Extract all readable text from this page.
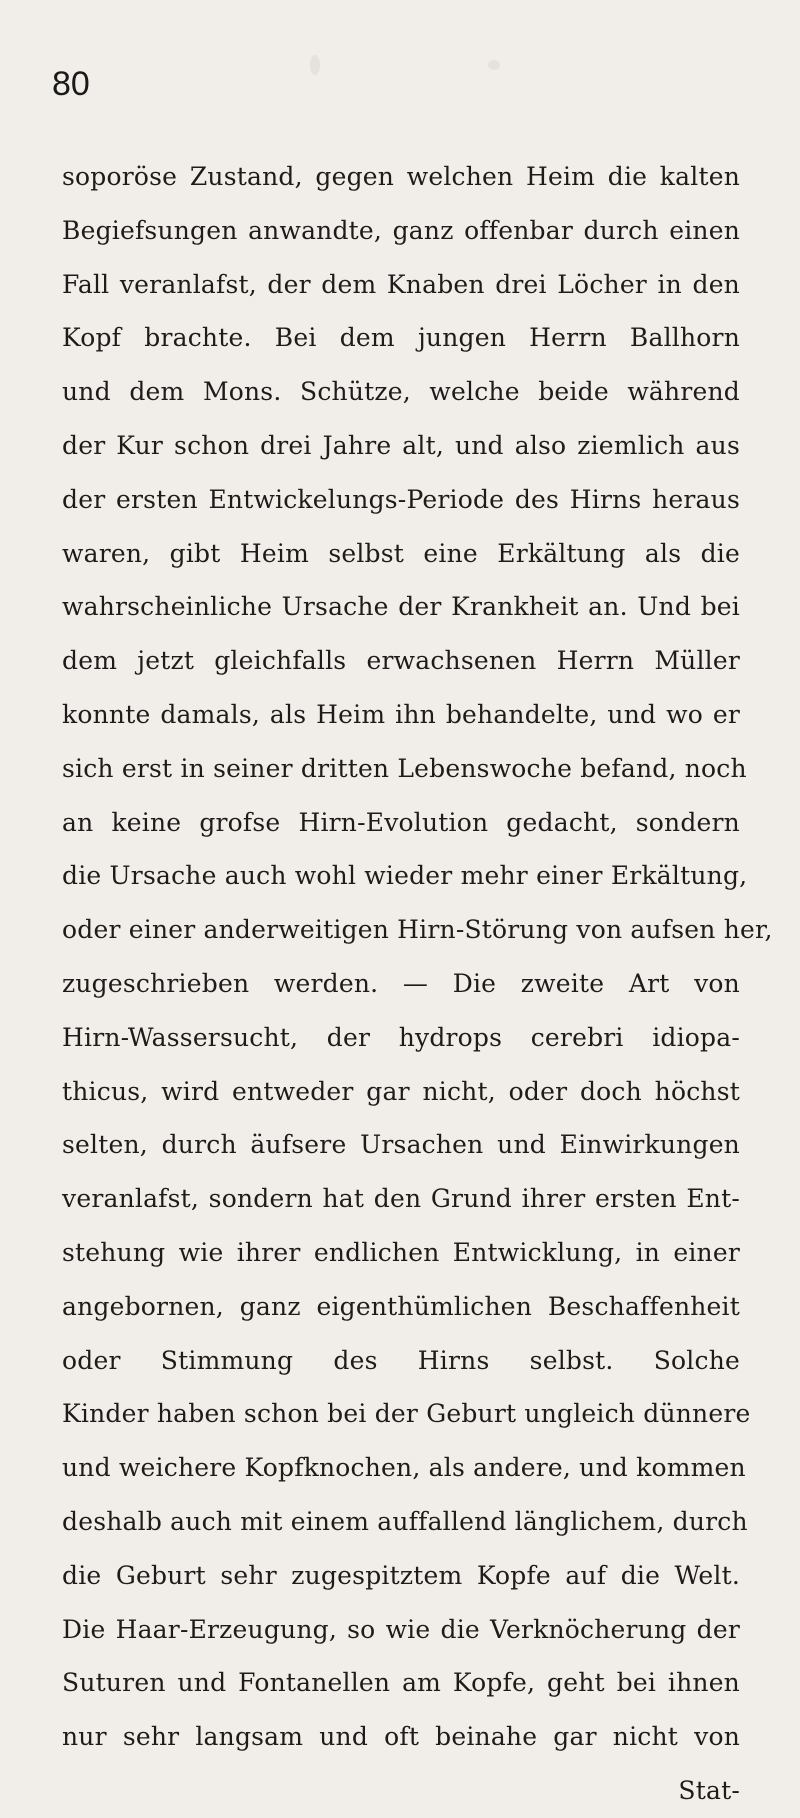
80
soporöse Zustand, gegen welchen Heim die kalten
Begiefsungen anwandte, ganz offenbar durch einen
Fall veranlafst, der dem Knaben drei Löcher in den
Kopf brachte. Bei dem jungen Herrn Ballhorn
und dem Mons. Schütze, welche beide während
der Kur schon drei Jahre alt, und also ziemlich aus
der ersten Entwickelungs-Periode des Hirns heraus
waren, gibt Heim selbst eine Erkältung als die
wahrscheinliche Ursache der Krankheit an. Und bei
dem jetzt gleichfalls erwachsenen Herrn Müller
konnte damals, als Heim ihn behandelte, und wo er
sich erst in seiner dritten Lebenswoche befand, noch
an keine grofse Hirn-Evolution gedacht, sondern
die Ursache auch wohl wieder mehr einer Erkältung,
oder einer anderweitigen Hirn-Störung von aufsen her,
zugeschrieben werden. — Die zweite Art von
Hirn-Wassersucht, der hydrops cerebri idiopa-
thicus, wird entweder gar nicht, oder doch höchst
selten, durch äufsere Ursachen und Einwirkungen
veranlafst, sondern hat den Grund ihrer ersten Ent-
stehung wie ihrer endlichen Entwicklung, in einer
angebornen, ganz eigenthümlichen Beschaffenheit
oder Stimmung des Hirns selbst. Solche
Kinder haben schon bei der Geburt ungleich dünnere
und weichere Kopfknochen, als andere, und kommen
deshalb auch mit einem auffallend länglichem, durch
die Geburt sehr zugespitztem Kopfe auf die Welt.
Die Haar-Erzeugung, so wie die Verknöcherung der
Suturen und Fontanellen am Kopfe, geht bei ihnen
nur sehr langsam und oft beinahe gar nicht von
Stat-
